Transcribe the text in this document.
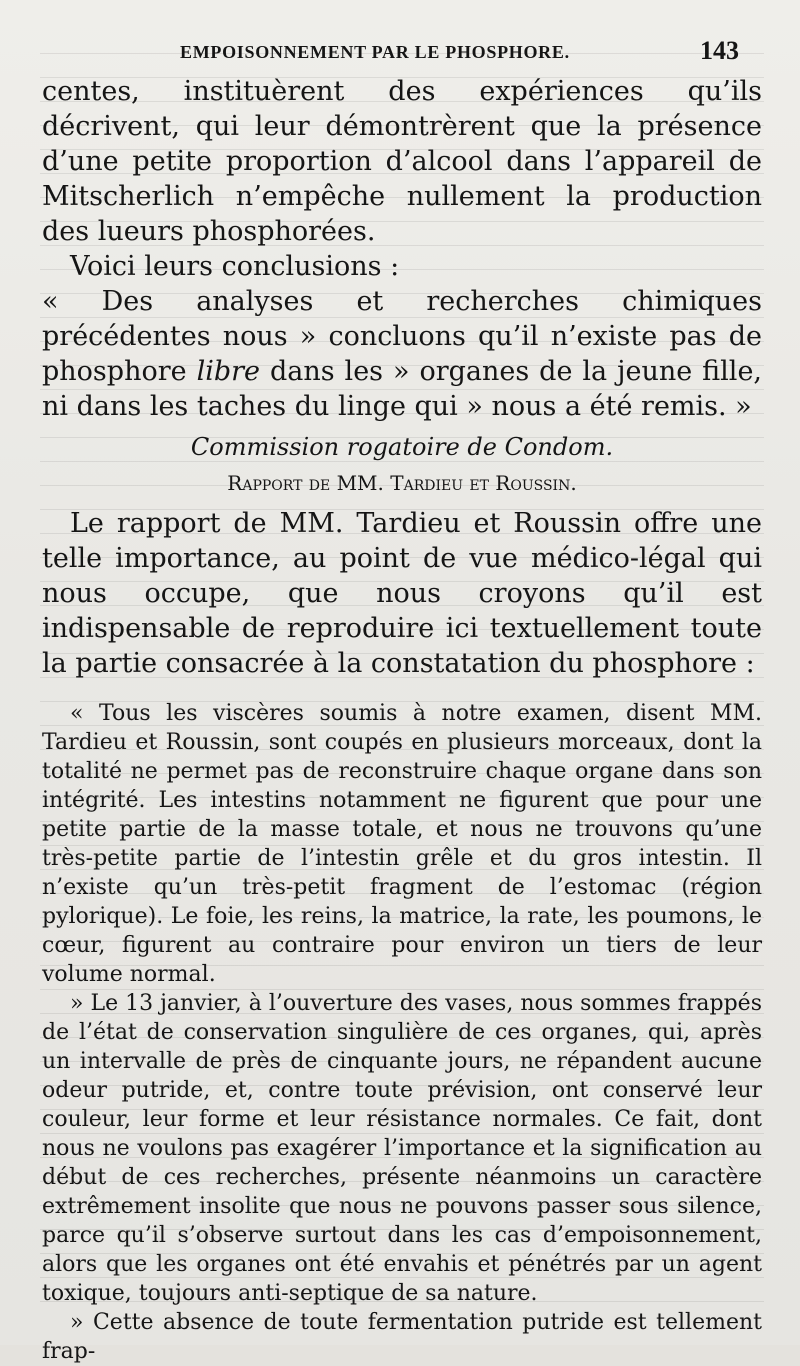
EMPOISONNEMENT PAR LE PHOSPHORE.	143

centes, instituèrent des expériences qu’ils décrivent, qui leur démontrèrent que la présence d’une petite proportion d’alcool dans l’appareil de Mitscherlich n’empêche nullement la production des lueurs phosphorées.

Voici leurs conclusions :

« Des analyses et recherches chimiques précédentes nous » concluons qu’il n’existe pas de phosphore libre dans les » organes de la jeune fille, ni dans les taches du linge qui » nous a été remis. »

Commission rogatoire de Condom.
Rapport de MM. Tardieu et Roussin.

Le rapport de MM. Tardieu et Roussin offre une telle importance, au point de vue médico-légal qui nous occupe, que nous croyons qu’il est indispensable de reproduire ici textuellement toute la partie consacrée à la constatation du phosphore :

« Tous les viscères soumis à notre examen, disent MM. Tardieu et Roussin, sont coupés en plusieurs morceaux, dont la totalité ne permet pas de reconstruire chaque organe dans son intégrité. Les intestins notamment ne figurent que pour une petite partie de la masse totale, et nous ne trouvons qu’une très-petite partie de l’intestin grêle et du gros intestin. Il n’existe qu’un très-petit fragment de l’estomac (région pylorique). Le foie, les reins, la matrice, la rate, les poumons, le cœur, figurent au contraire pour environ un tiers de leur volume normal.

» Le 13 janvier, à l’ouverture des vases, nous sommes frappés de l’état de conservation singulière de ces organes, qui, après un intervalle de près de cinquante jours, ne répandent aucune odeur putride, et, contre toute prévision, ont conservé leur couleur, leur forme et leur résistance normales. Ce fait, dont nous ne voulons pas exagérer l’importance et la signification au début de ces recherches, présente néanmoins un caractère extrêmement insolite que nous ne pouvons passer sous silence, parce qu’il s’observe surtout dans les cas d’empoisonnement, alors que les organes ont été envahis et pénétrés par un agent toxique, toujours anti-septique de sa nature.

» Cette absence de toute fermentation putride est tellement frap-
